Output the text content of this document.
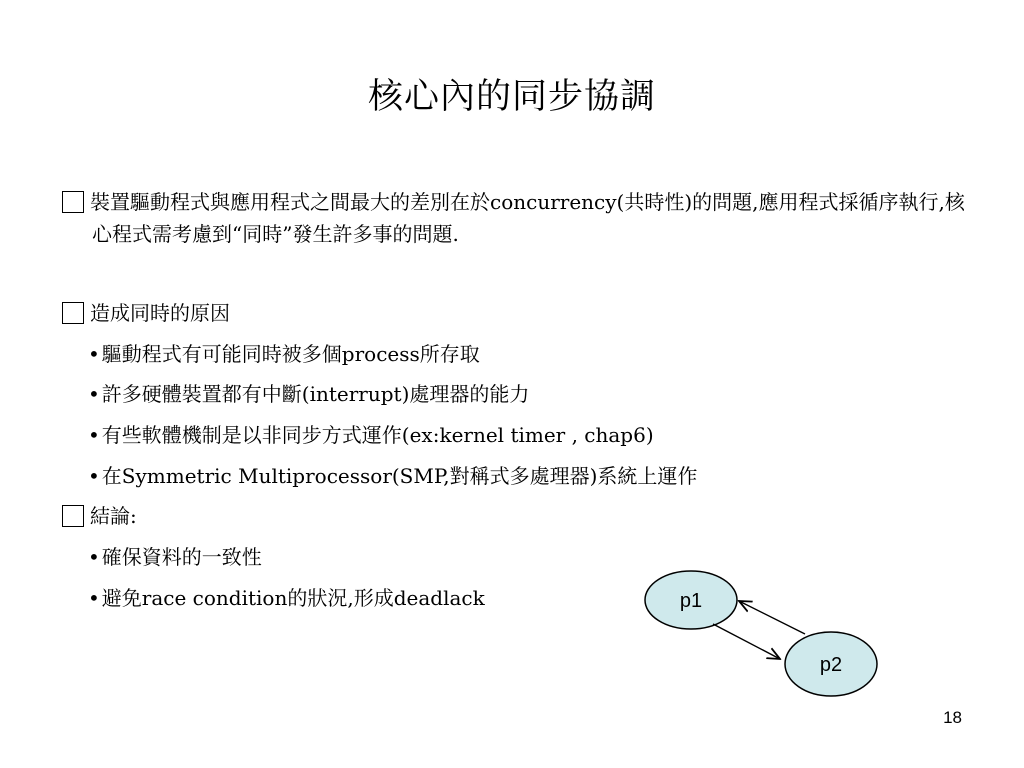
核心內的同步協調
裝置驅動程式與應用程式之間最大的差別在於concurrency(共時性)的問題,應用程式採循序執行,核心程式需考慮到“同時”發生許多事的問題.
造成同時的原因
• 驅動程式有可能同時被多個process所存取
• 許多硬體裝置都有中斷(interrupt)處理器的能力
• 有些軟體機制是以非同步方式運作(ex:kernel timer , chap6)
• 在Symmetric Multiprocessor(SMP,對稱式多處理器)系統上運作
結論:
• 確保資料的一致性
• 避免race condition的狀況,形成deadlack	p1
p2
18
